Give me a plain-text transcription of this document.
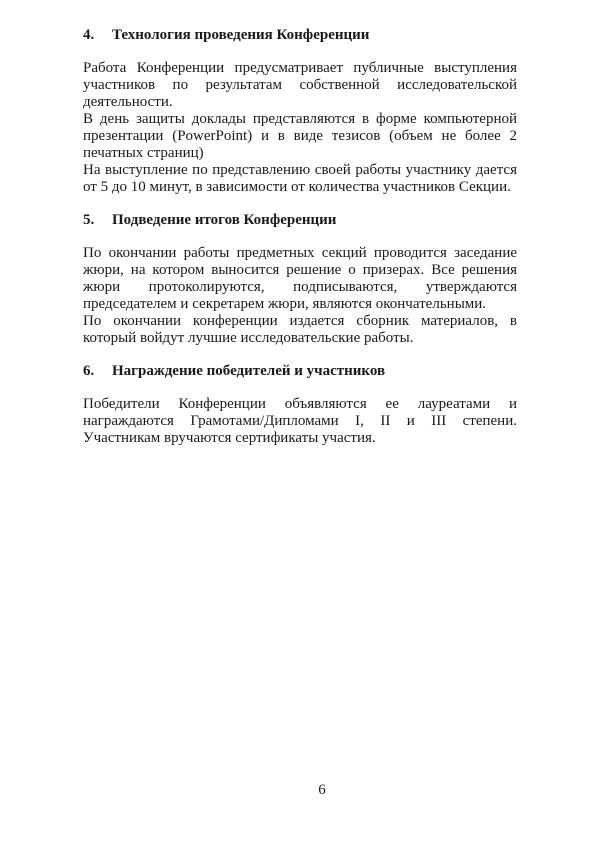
4. Технология проведения Конференции

Работа Конференции предусматривает публичные выступления участников по результатам собственной исследовательской деятельности.

В день защиты доклады представляются в форме компьютерной презентации (PowerPoint) и в виде тезисов (объем не более 2 печатных страниц)

На выступление по представлению своей работы участнику дается от 5 до 10 минут, в зависимости от количества участников Секции.

5. Подведение итогов Конференции

По окончании работы предметных секций проводится заседание жюри, на котором выносится решение о призерах. Все решения жюри протоколируются, подписываются, утверждаются председателем и секретарем жюри, являются окончательными.

По окончании конференции издается сборник материалов, в который войдут лучшие исследовательские работы.

6. Награждение победителей и участников

Победители Конференции объявляются ее лауреатами и награждаются Грамотами/Дипломами I, II и III степени. Участникам вручаются сертификаты участия.

6
